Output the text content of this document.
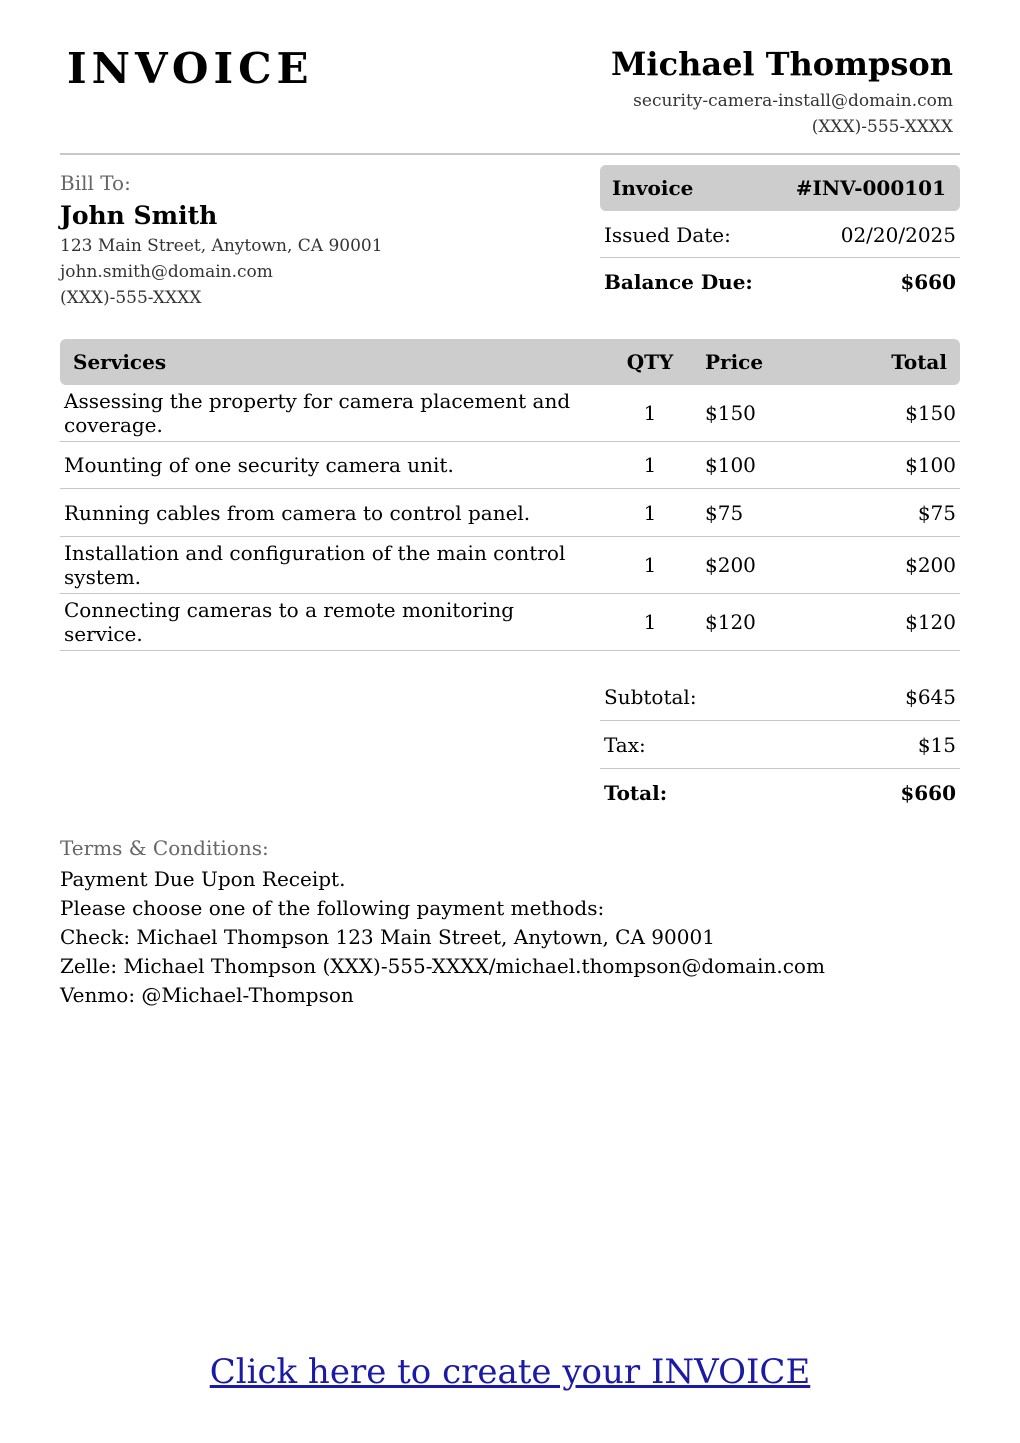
INVOICE	Michael Thompson
security-camera-install@domain.com
(XXX)-555-XXXX
Bill To:
John Smith
123 Main Street, Anytown, CA 90001
john.smith@domain.com
(XXX)-555-XXXX
Invoice	#INV-000101
Issued Date:	02/20/2025
Balance Due:	$660
Services	QTY Price	Total
Assessing the property for camera placement and coverage.	1	$150	$150
Mounting of one security camera unit.	1	$100	$100
Running cables from camera to control panel.	1	$75	$75
Installation and configuration of the main control system.	1	$200	$200
Connecting cameras to a remote monitoring service.	1	$120	$120
Subtotal:	$645
Tax:	$15
Total:	$660
Terms & Conditions:
Payment Due Upon Receipt.
Please choose one of the following payment methods:
Check: Michael Thompson 123 Main Street, Anytown, CA 90001
Zelle: Michael Thompson (XXX)-555-XXXX/michael.thompson@domain.com
Venmo: @Michael-Thompson
Click here to create your INVOICE
